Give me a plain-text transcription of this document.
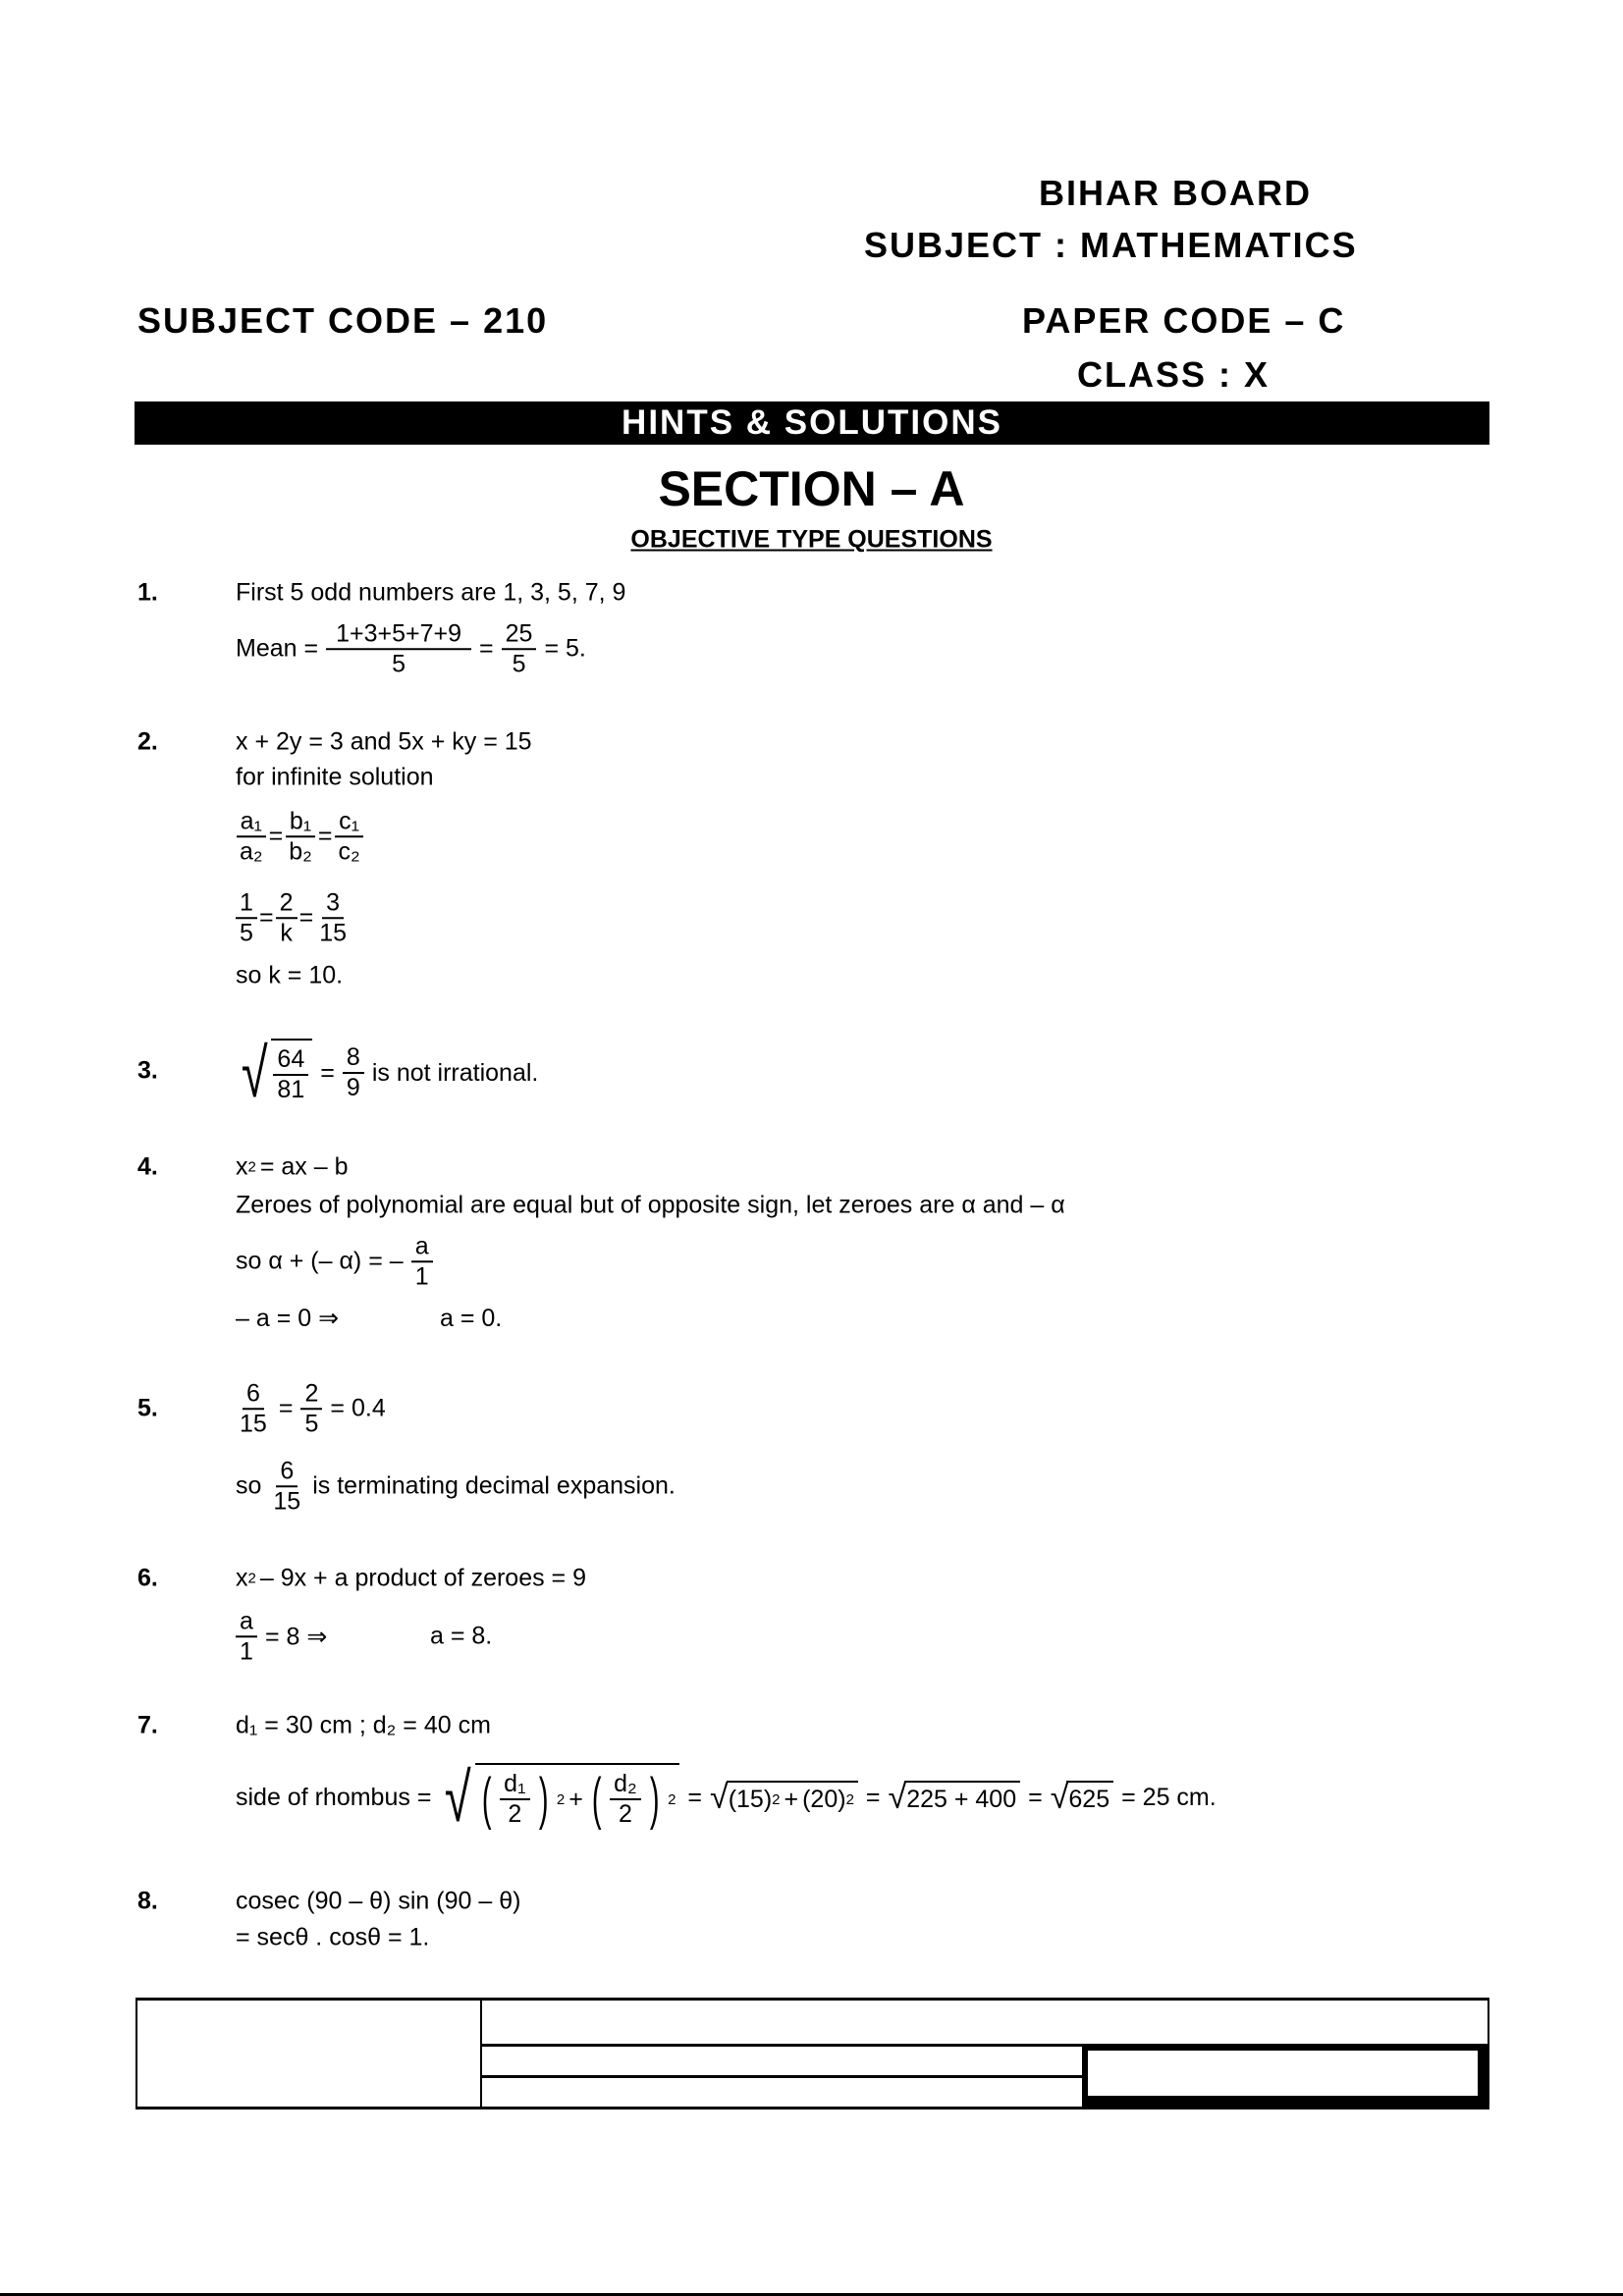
BIHAR BOARD
SUBJECT : MATHEMATICS
SUBJECT CODE – 210	PAPER CODE – C
CLASS : X
HINTS & SOLUTIONS
SECTION – A
OBJECTIVE TYPE QUESTIONS
1.	First 5 odd numbers are 1, 3, 5, 7, 9
Mean = $\frac{1+3+5+7+9}{5} = \frac{25}{5} = 5$.
2.	x + 2y = 3 and 5x + ky = 15
for infinite solution
$\frac{\text{a₁}}{\text{a₂}} = \frac{\text{b₁}}{\text{b₂}} = \frac{\text{c₁}}{\text{c₂}}$
$\frac{1}{5} = \frac{2}{k} = \frac{3}{15}$
so k = 10.
3. √ $\frac{64}{81} = \frac{8}{9}$ is not irrational.
4.	x 2 = ax – b
Zeroes of polynomial are equal but of opposite sign, let zeroes are α and – α
so α + (– α) = – $\frac{a}{1}$
– a = 0 ⇒	a = 0.
5.	$\frac{6}{15} = \frac{2}{5} = 0.4$
so $\frac{6}{15}$ is terminating decimal expansion.
6.	x 2 – 9x + a product of zeroes = 9
$\frac{a}{1} = 8$ ⇒	a = 8.
7.	d₁ = 30 cm ; d₂ = 40 cm
side of rhombus = √ ( $\frac{\text{d₁}}{2}$ ) 2 + ( $\frac{\text{d₂}}{2}$ ) 2 = √ (15) 2 + (20) 2 = √ 225 + 400 = √ 625 = 25 cm.
8.	cosec (90 – θ) sin (90 – θ)
= secθ . cosθ = 1.
